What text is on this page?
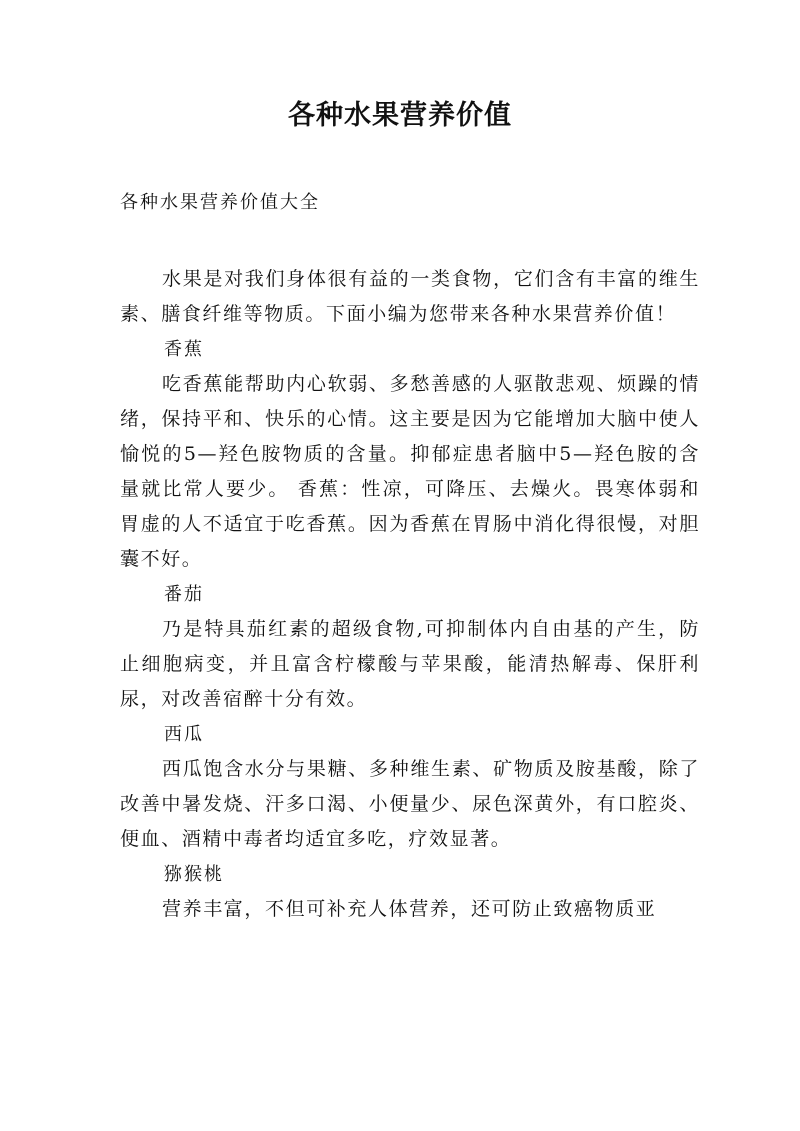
各种水果营养价值

各种水果营养价值大全

水果是对我们身体很有益的一类食物，它们含有丰富的维生素、膳食纤维等物质。下面小编为您带来各种水果营养价值！

香蕉

吃香蕉能帮助内心软弱、多愁善感的人驱散悲观、烦躁的情绪，保持平和、快乐的心情。这主要是因为它能增加大脑中使人愉悦的5—羟色胺物质的含量。抑郁症患者脑中5—羟色胺的含量就比常人要少。 香蕉：性凉，可降压、去燥火。畏寒体弱和胃虚的人不适宜于吃香蕉。因为香蕉在胃肠中消化得很慢，对胆囊不好。

番茄

乃是特具茄红素的超级食物,可抑制体内自由基的产生，防止细胞病变，并且富含柠檬酸与苹果酸，能清热解毒、保肝利尿，对改善宿醉十分有效。

西瓜

西瓜饱含水分与果糖、多种维生素、矿物质及胺基酸，除了改善中暑发烧、汗多口渴、小便量少、尿色深黄外，有口腔炎、便血、酒精中毒者均适宜多吃，疗效显著。

猕猴桃

营养丰富，不但可补充人体营养，还可防止致癌物质亚
